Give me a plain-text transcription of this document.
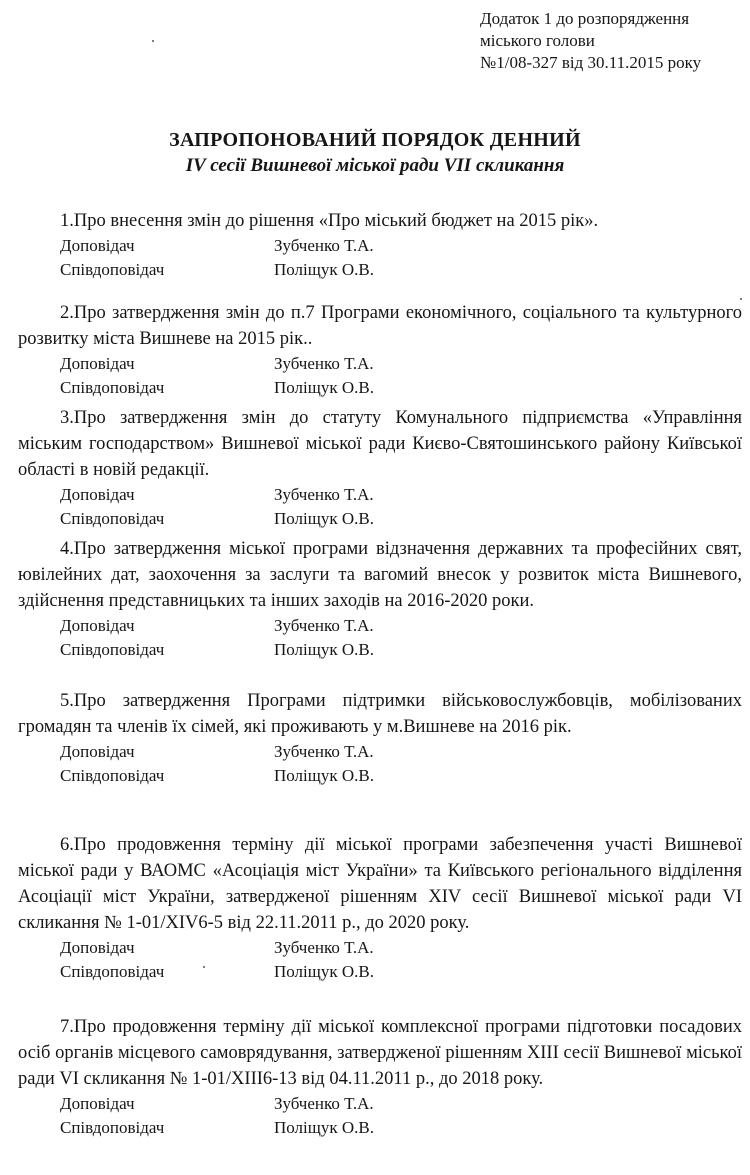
Додаток 1 до розпорядження
міського голови
№1/08-327 від 30.11.2015 року
ЗАПРОПОНОВАНИЙ ПОРЯДОК ДЕННИЙ
IV сесії Вишневої міської ради VII скликання
1.Про внесення змін до рішення «Про міський бюджет на 2015 рік».
Доповідач	Зубченко Т.А.
Співдоповідач	Поліщук О.В.
2.Про затвердження змін до п.7 Програми економічного, соціального та культурного розвитку міста Вишневе на 2015 рік..
Доповідач	Зубченко Т.А.
Співдоповідач	Поліщук О.В.
3.Про затвердження змін до статуту Комунального підприємства «Управління міським господарством» Вишневої міської ради Києво-Святошинського району Київської області в новій редакції.
Доповідач	Зубченко Т.А.
Співдоповідач	Поліщук О.В.
4.Про затвердження міської програми відзначення державних та професійних свят, ювілейних дат, заохочення за заслуги та вагомий внесок у розвиток міста Вишневого, здійснення представницьких та інших заходів на 2016-2020 роки.
Доповідач	Зубченко Т.А.
Співдоповідач	Поліщук О.В.
5.Про затвердження Програми підтримки військовослужбовців, мобілізованих громадян та членів їх сімей, які проживають у м.Вишневе на 2016 рік.
Доповідач	Зубченко Т.А.
Співдоповідач	Поліщук О.В.
6.Про продовження терміну дії міської програми забезпечення участі Вишневої міської ради у ВАОМС «Асоціація міст України» та Київського регіонального відділення Асоціації міст України, затвердженої рішенням XIV сесії Вишневої міської ради VI скликання № 1-01/XIV6-5 від 22.11.2011 р., до 2020 року.
Доповідач	Зубченко Т.А.
Співдоповідач	Поліщук О.В.
7.Про продовження терміну дії міської комплексної програми підготовки посадових осіб органів місцевого самоврядування, затвердженої рішенням XIII сесії Вишневої міської ради VI скликання № 1-01/XIII6-13 від 04.11.2011 р., до 2018 року.
Доповідач	Зубченко Т.А.
Співдоповідач	Поліщук О.В.
